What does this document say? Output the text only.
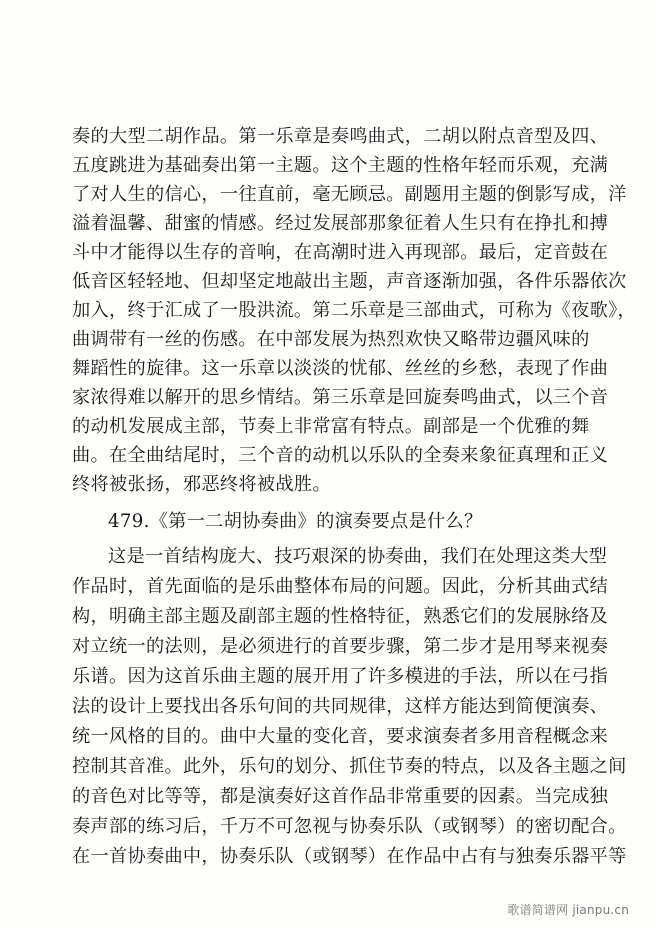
奏的大型二胡作品。第一乐章是奏鸣曲式，二胡以附点音型及四、
五度跳进为基础奏出第一主题。这个主题的性格年轻而乐观，充满
了对人生的信心，一往直前，毫无顾忌。副题用主题的倒影写成，洋
溢着温馨、甜蜜的情感。经过发展部那象征着人生只有在挣扎和搏
斗中才能得以生存的音响，在高潮时进入再现部。最后，定音鼓在
低音区轻轻地、但却坚定地敲出主题，声音逐渐加强，各件乐器依次
加入，终于汇成了一股洪流。第二乐章是三部曲式，可称为《夜歌》，
曲调带有一丝的伤感。在中部发展为热烈欢快又略带边疆风味的
舞蹈性的旋律。这一乐章以淡淡的忧郁、丝丝的乡愁，表现了作曲
家浓得难以解开的思乡情结。第三乐章是回旋奏鸣曲式，以三个音
的动机发展成主部，节奏上非常富有特点。副部是一个优雅的舞
曲。在全曲结尾时，三个音的动机以乐队的全奏来象征真理和正义
终将被张扬，邪恶终将被战胜。
479.《第一二胡协奏曲》的演奏要点是什么？
这是一首结构庞大、技巧艰深的协奏曲，我们在处理这类大型
作品时，首先面临的是乐曲整体布局的问题。因此，分析其曲式结
构，明确主部主题及副部主题的性格特征，熟悉它们的发展脉络及
对立统一的法则，是必须进行的首要步骤，第二步才是用琴来视奏
乐谱。因为这首乐曲主题的展开用了许多模进的手法，所以在弓指
法的设计上要找出各乐句间的共同规律，这样方能达到简便演奏、
统一风格的目的。曲中大量的变化音，要求演奏者多用音程概念来
控制其音准。此外，乐句的划分、抓住节奏的特点，以及各主题之间
的音色对比等等，都是演奏好这首作品非常重要的因素。当完成独
奏声部的练习后，千万不可忽视与协奏乐队（或钢琴）的密切配合。
在一首协奏曲中，协奏乐队（或钢琴）在作品中占有与独奏乐器平等
歌谱简谱网 jianpu.cn
